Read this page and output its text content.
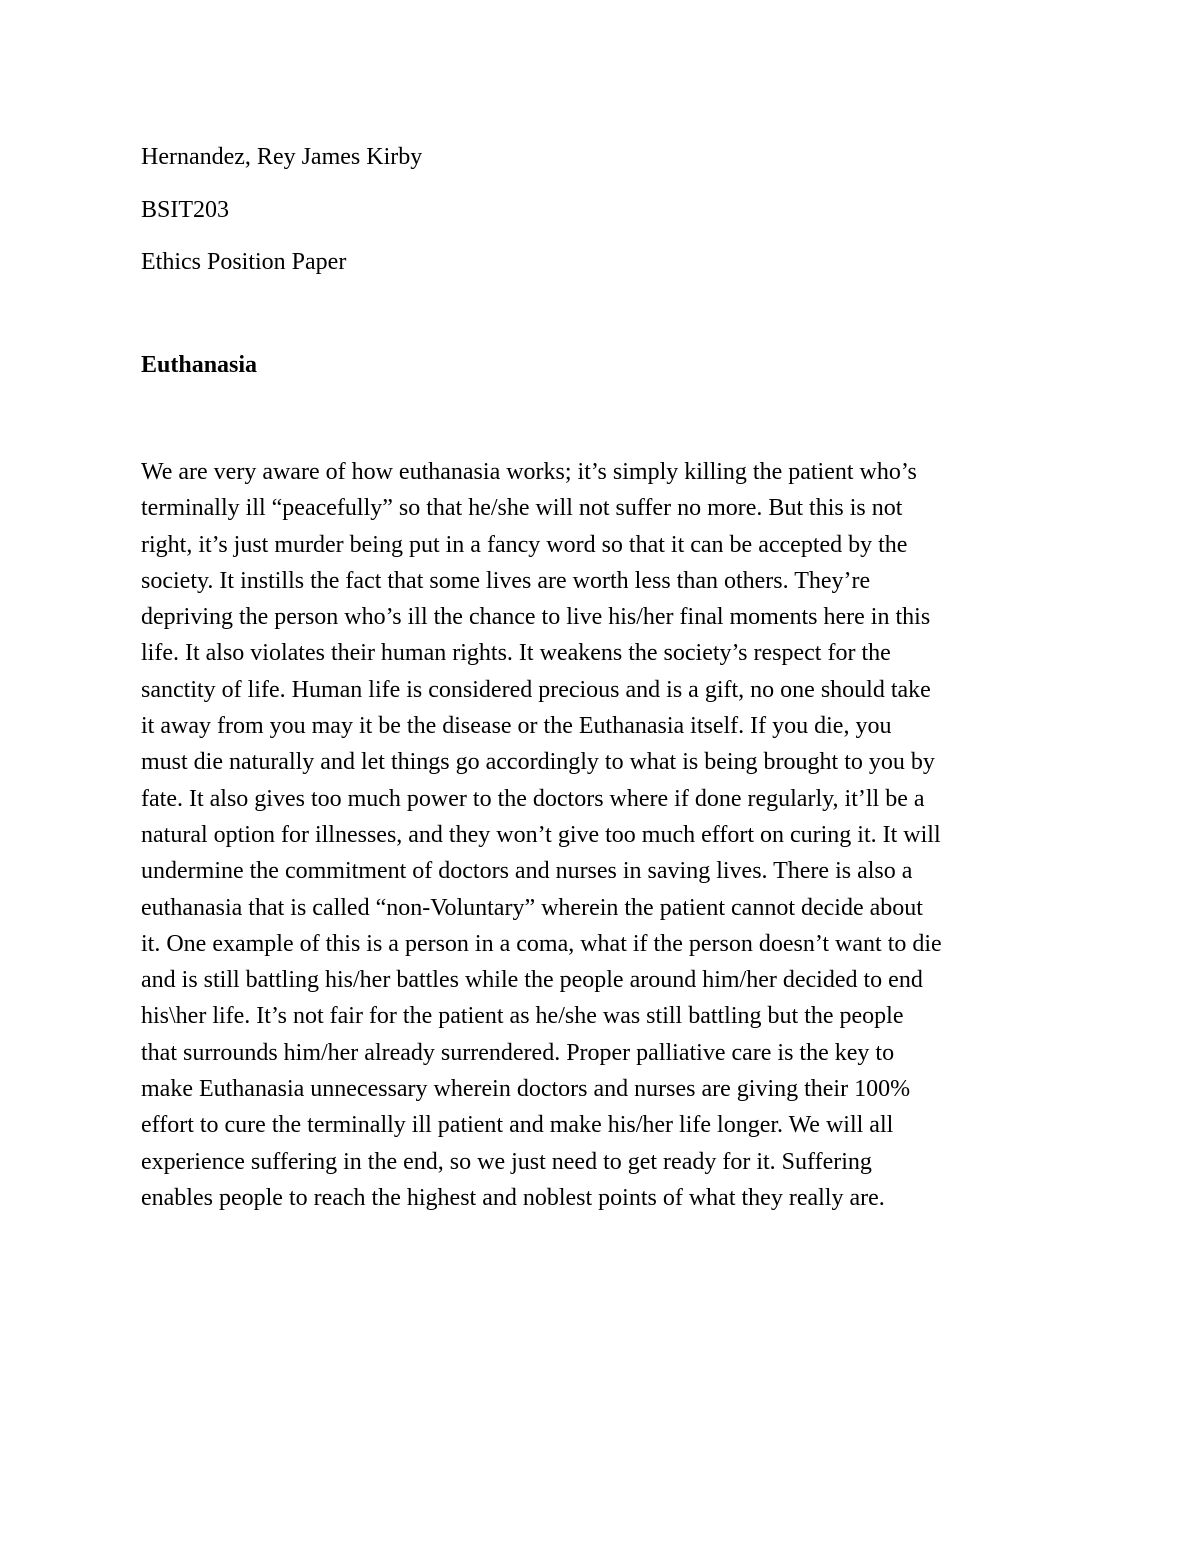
Hernandez, Rey James Kirby

BSIT203

Ethics Position Paper

Euthanasia
We are very aware of how euthanasia works; it’s simply killing the patient who’s
terminally ill “peacefully” so that he/she will not suffer no more. But this is not
right, it’s just murder being put in a fancy word so that it can be accepted by the
society. It instills the fact that some lives are worth less than others. They’re
depriving the person who’s ill the chance to live his/her final moments here in this
life. It also violates their human rights. It weakens the society’s respect for the
sanctity of life. Human life is considered precious and is a gift, no one should take
it away from you may it be the disease or the Euthanasia itself. If you die, you
must die naturally and let things go accordingly to what is being brought to you by
fate. It also gives too much power to the doctors where if done regularly, it’ll be a
natural option for illnesses, and they won’t give too much effort on curing it. It will
undermine the commitment of doctors and nurses in saving lives. There is also a
euthanasia that is called “non-Voluntary” wherein the patient cannot decide about
it. One example of this is a person in a coma, what if the person doesn’t want to die
and is still battling his/her battles while the people around him/her decided to end
his\her life. It’s not fair for the patient as he/she was still battling but the people
that surrounds him/her already surrendered. Proper palliative care is the key to
make Euthanasia unnecessary wherein doctors and nurses are giving their 100%
effort to cure the terminally ill patient and make his/her life longer. We will all
experience suffering in the end, so we just need to get ready for it. Suffering
enables people to reach the highest and noblest points of what they really are.
